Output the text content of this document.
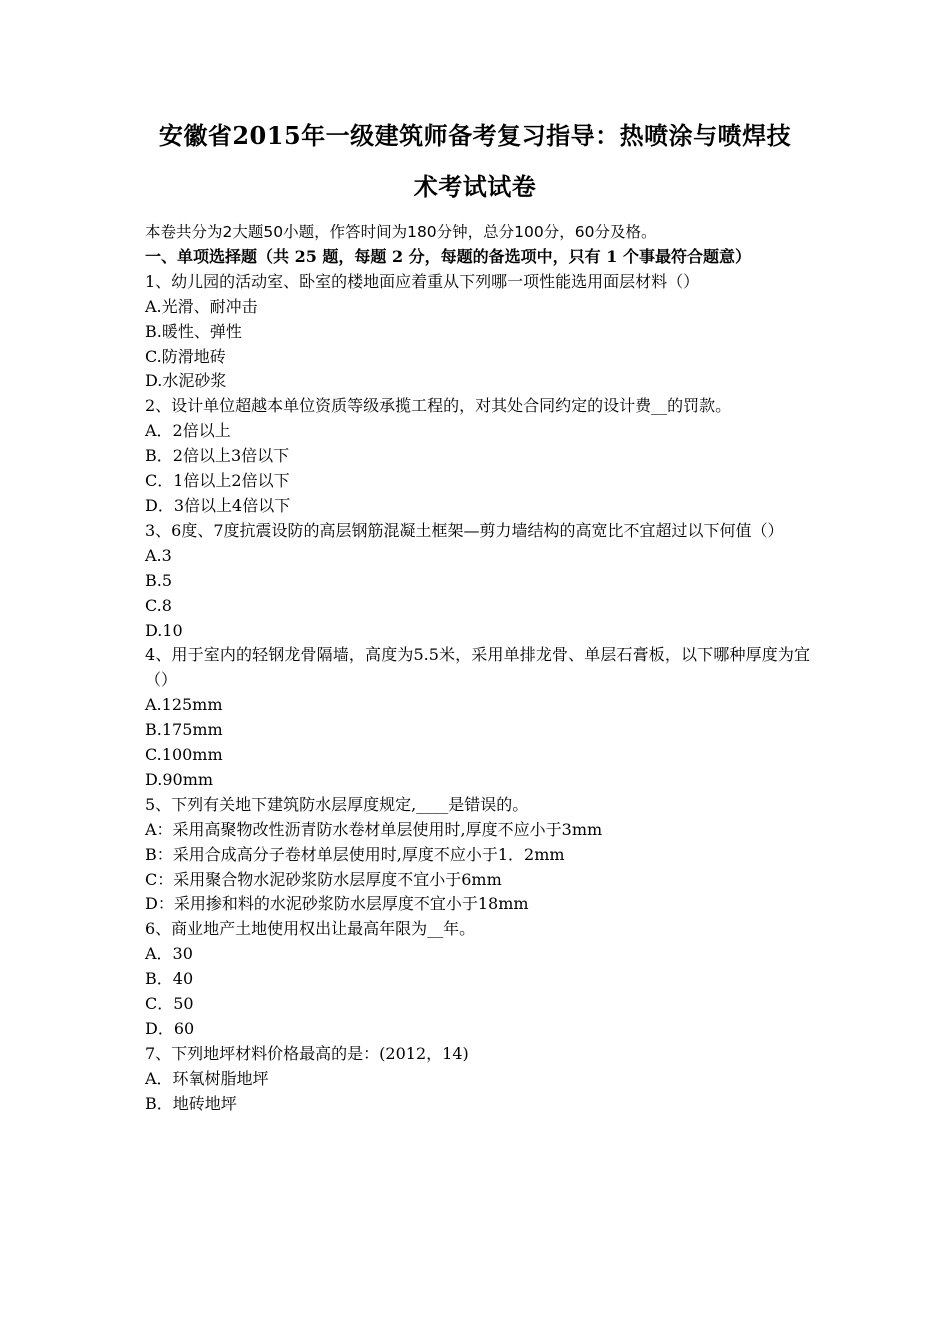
安徽省2015年一级建筑师备考复习指导：热喷涂与喷焊技
术考试试卷

本卷共分为2大题50小题，作答时间为180分钟，总分100分，60分及格。

一、单项选择题（共 25 题，每题 2 分，每题的备选项中，只有 1 个事最符合题意）

1、幼儿园的活动室、卧室的楼地面应着重从下列哪一项性能选用面层材料（）

A.光滑、耐冲击

B.暖性、弹性

C.防滑地砖

D.水泥砂浆

2、设计单位超越本单位资质等级承揽工程的，对其处合同约定的设计费__的罚款。

A．2倍以上

B．2倍以上3倍以下

C．1倍以上2倍以下

D．3倍以上4倍以下

3、6度、7度抗震设防的高层钢筋混凝土框架—剪力墙结构的高宽比不宜超过以下何值（）

A.3

B.5

C.8

D.10

4、用于室内的轻钢龙骨隔墙，高度为5.5米，采用单排龙骨、单层石膏板，以下哪种厚度为宜（）

A.125mm

B.175mm

C.100mm

D.90mm

5、下列有关地下建筑防水层厚度规定,____是错误的。

A：采用高聚物改性沥青防水卷材单层使用时,厚度不应小于3mm

B：采用合成高分子卷材单层使用时,厚度不应小于1．2mm

C：采用聚合物水泥砂浆防水层厚度不宜小于6mm

D：采用掺和料的水泥砂浆防水层厚度不宜小于18mm

6、商业地产土地使用权出让最高年限为__年。

A．30

B．40

C．50

D．60

7、下列地坪材料价格最高的是：(2012，14)

A．环氧树脂地坪

B．地砖地坪
